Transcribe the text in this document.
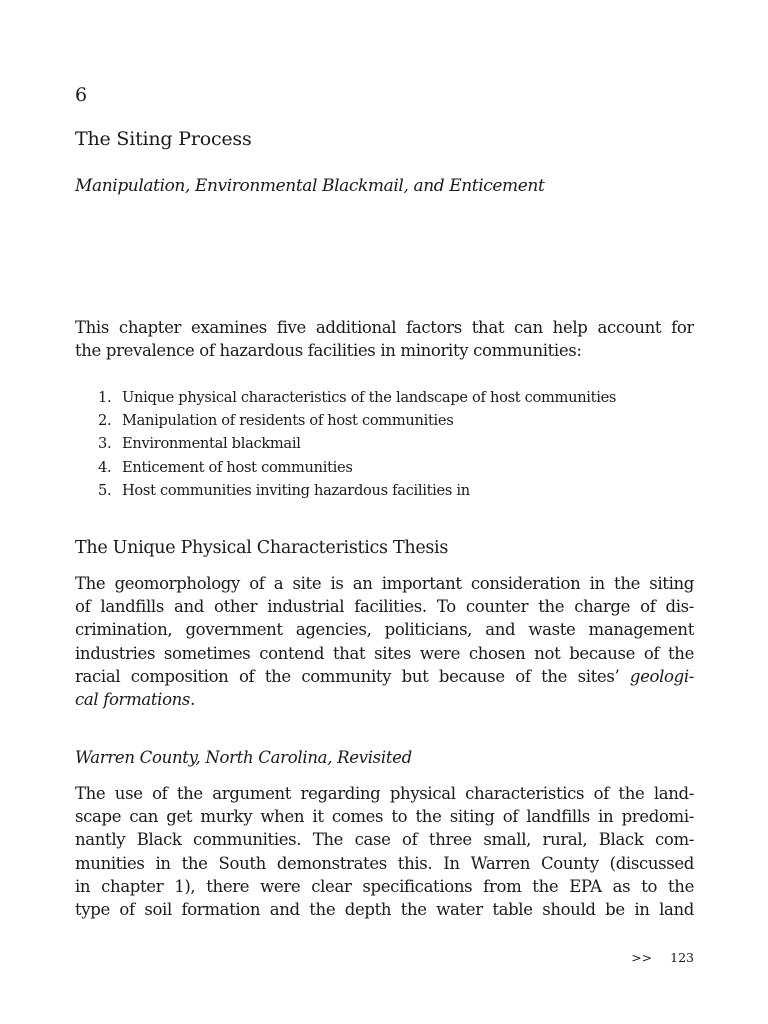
6
The Siting Process
Manipulation, Environmental Blackmail, and Enticement
This chapter examines five additional factors that can help account for
the prevalence of hazardous facilities in minority communities:
1. Unique physical characteristics of the landscape of host communities
2. Manipulation of residents of host communities
3. Environmental blackmail
4. Enticement of host communities
5. Host communities inviting hazardous facilities in
The Unique Physical Characteristics Thesis
The geomorphology of a site is an important consideration in the siting
of landfills and other industrial facilities. To counter the charge of dis-
crimination, government agencies, politicians, and waste management
industries sometimes contend that sites were chosen not because of the
racial composition of the community but because of the sites’ geologi-
cal formations.
Warren County, North Carolina, Revisited
The use of the argument regarding physical characteristics of the land-
scape can get murky when it comes to the siting of landfills in predomi-
nantly Black communities. The case of three small, rural, Black com-
munities in the South demonstrates this. In Warren County (discussed
in chapter 1), there were clear specifications from the EPA as to the
type of soil formation and the depth the water table should be in land
>> 123
